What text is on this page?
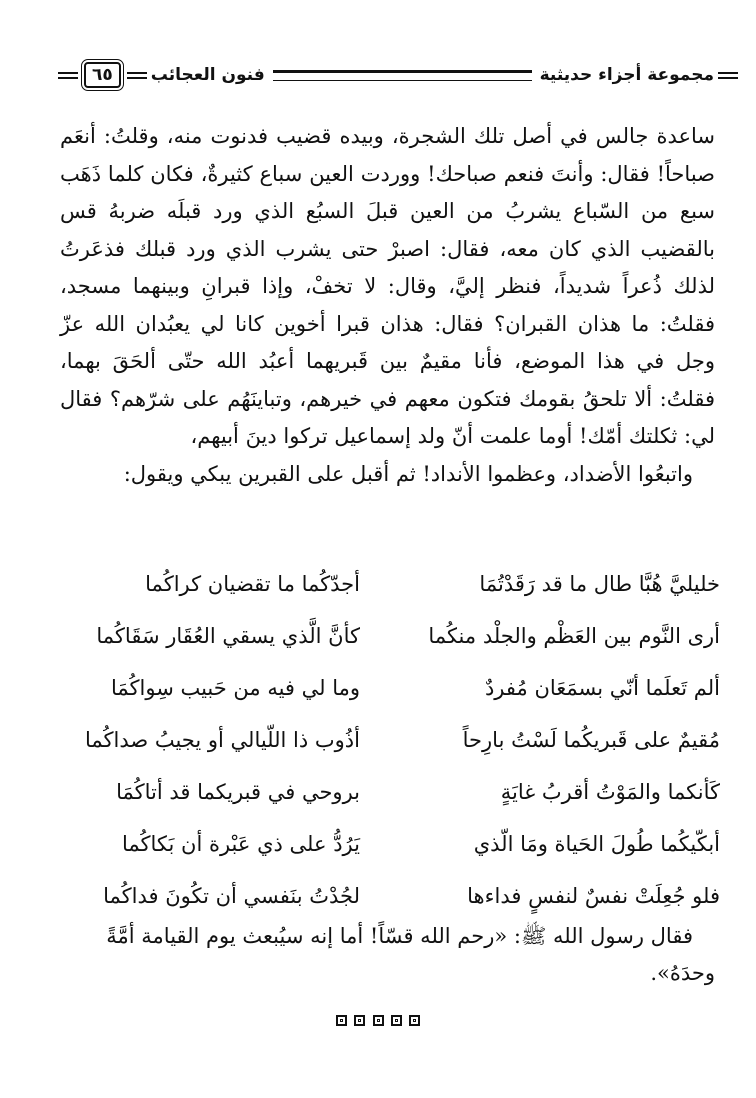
مجموعة أجزاء حديثية
فنون العجائب
٦٥

ساعدة جالس في أصل تلك الشجرة، وبيده قضيب فدنوت منه، وقلتُ: أنعَم صباحاً! فقال: وأنتَ فنعم صباحك! ووردت العين سباع كثيرةٌ، فكان كلما ذَهَب سبع من السّباع يشربُ من العين قبلَ السبُع الذي ورد قبلَه ضربهُ قس بالقضيب الذي كان معه، فقال: اصبرْ حتى يشرب الذي ورد قبلك فذعَرتُ لذلك ذُعراً شديداً، فنظر إليَّ، وقال: لا تخفْ، وإذا قبرانِ وبينهما مسجد، فقلتُ: ما هذان القبران؟ فقال: هذان قبرا أخوين كانا لي يعبُدان الله عزّ وجل في هذا الموضع، فأنا مقيمٌ بين قَبريهما أعبُد الله حتّى ألحَقَ بهما، فقلتُ: ألا تلحقُ بقومك فتكون معهم في خيرهم، وتباينَهُم على شرّهم؟ فقال لي: ثكلتك أمّك! أوما علمت أنّ ولد إسماعيل تركوا دينَ أبيهم،

واتبعُوا الأضداد، وعظموا الأنداد! ثم أقبل على القبرين يبكي ويقول:

خليليَّ هُبَّا طال ما قد رَقَدْتُمَا
أجدّكُما ما تقضيان كراكُما
أرى النَّوم بين العَظْم والجلْد منكُما
كأنَّ الَّذي يسقي العُقَار سَقَاكُما
ألم تَعلَما أنّي بسمَعَان مُفردٌ
وما لي فيه من حَبيب سِواكُمَا
مُقيمٌ على قَبريكُما لَسْتُ بارِحاً
أذُوب ذا اللّيالي أو يجيبُ صداكُما
كَأنكما والمَوْتُ أقربُ غايَةٍ
بروحي في قبريكما قد أتاكُمَا
أبكّيكُما طُولَ الحَياة ومَا الّذي
يَرُدُّ على ذي عَبْرة أن بَكاكُما
فلو جُعِلَتْ نفسٌ لنفسٍ فداءها
لجُدْتُ بنَفسي أن تكُونَ فداكُما

فقال رسول الله ﷺ: «رحم الله قسّاً! أما إنه سيُبعث يوم القيامة أمَّةً وحدَهُ».
